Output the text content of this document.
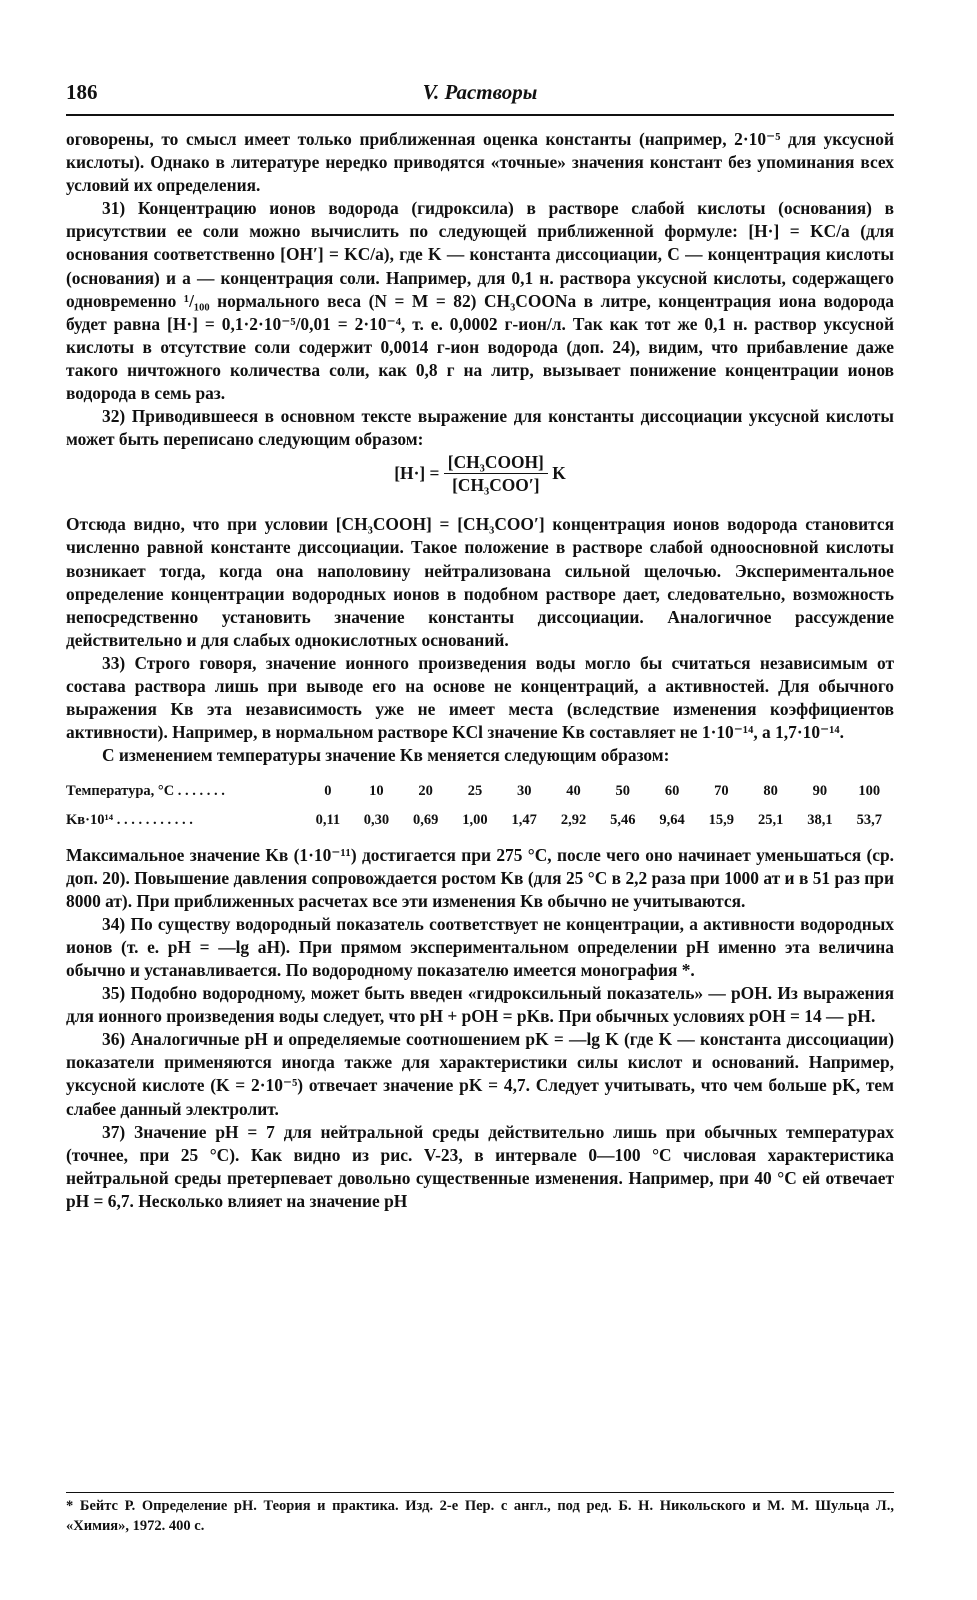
186	V. Растворы

оговорены, то смысл имеет только приближенная оценка константы (например, 2·10⁻⁵ для уксусной кислоты). Однако в литературе нередко приводятся «точные» значения констант без упоминания всех условий их определения.

31) Концентрацию ионов водорода (гидроксила) в растворе слабой кислоты (основания) в присутствии ее соли можно вычислить по следующей приближенной формуле: [H·] = KC/a (для основания соответственно [OH′] = KC/a), где K — константа диссоциации, C — концентрация кислоты (основания) и a — концентрация соли. Например, для 0,1 н. раствора уксусной кислоты, содержащего одновременно ¹/₁₀₀ нормального веса (N = M = 82) CH₃COONa в литре, концентрация иона водорода будет равна [H·] = 0,1·2·10⁻⁵/0,01 = 2·10⁻⁴, т. е. 0,0002 г-ион/л. Так как тот же 0,1 н. раствор уксусной кислоты в отсутствие соли содержит 0,0014 г-ион водорода (доп. 24), видим, что прибавление даже такого ничтожного количества соли, как 0,8 г на литр, вызывает понижение концентрации ионов водорода в семь раз.

32) Приводившееся в основном тексте выражение для константы диссоциации уксусной кислоты может быть переписано следующим образом:

$[H\cdot] = \frac{\text{[CH₃COOH]}}{\text{[CH₃COO′]}}$ K

Отсюда видно, что при условии [CH₃COOH] = [CH₃COO′] концентрация ионов водорода становится численно равной константе диссоциации. Такое положение в растворе слабой одноосновной кислоты возникает тогда, когда она наполовину нейтрализована сильной щелочью. Экспериментальное определение концентрации водородных ионов в подобном растворе дает, следовательно, возможность непосредственно установить значение константы диссоциации. Аналогичное рассуждение действительно и для слабых однокислотных оснований.

33) Строго говоря, значение ионного произведения воды могло бы считаться независимым от состава раствора лишь при выводе его на основе не концентраций, а активностей. Для обычного выражения Kв эта независимость уже не имеет места (вследствие изменения коэффициентов активности). Например, в нормальном растворе KCl значение Kв составляет не 1·10⁻¹⁴, а 1,7·10⁻¹⁴.

С изменением температуры значение Kв меняется следующим образом:

Температура, °C . . . . . . .	0	10	20	25	30	40	50	60	70	80	90	100
Kв·10¹⁴ . . . . . . . . . . .	0,11	0,30	0,69	1,00	1,47	2,92	5,46	9,64	15,9	25,1	38,1	53,7

Максимальное значение Kв (1·10⁻¹¹) достигается при 275 °C, после чего оно начинает уменьшаться (ср. доп. 20). Повышение давления сопровождается ростом Kв (для 25 °C в 2,2 раза при 1000 ат и в 51 раз при 8000 ат). При приближенных расчетах все эти изменения Kв обычно не учитываются.

34) По существу водородный показатель соответствует не концентрации, а активности водородных ионов (т. е. pH = —lg aH). При прямом экспериментальном определении pH именно эта величина обычно и устанавливается. По водородному показателю имеется монография *.

35) Подобно водородному, может быть введен «гидроксильный показатель» — pOH. Из выражения для ионного произведения воды следует, что pH + pOH = pKв. При обычных условиях pOH = 14 — pH.

36) Аналогичные pH и определяемые соотношением pK = —lg K (где K — константа диссоциации) показатели применяются иногда также для характеристики силы кислот и оснований. Например, уксусной кислоте (K = 2·10⁻⁵) отвечает значение pK = 4,7. Следует учитывать, что чем больше pK, тем слабее данный электролит.

37) Значение pH = 7 для нейтральной среды действительно лишь при обычных температурах (точнее, при 25 °C). Как видно из рис. V-23, в интервале 0—100 °C числовая характеристика нейтральной среды претерпевает довольно существенные изменения. Например, при 40 °C ей отвечает pH = 6,7. Несколько влияет на значение pH

* Бейтс Р. Определение pH. Теория и практика. Изд. 2-е Пер. с англ., под ред. Б. Н. Никольского и М. М. Шульца Л., «Химия», 1972. 400 с.
